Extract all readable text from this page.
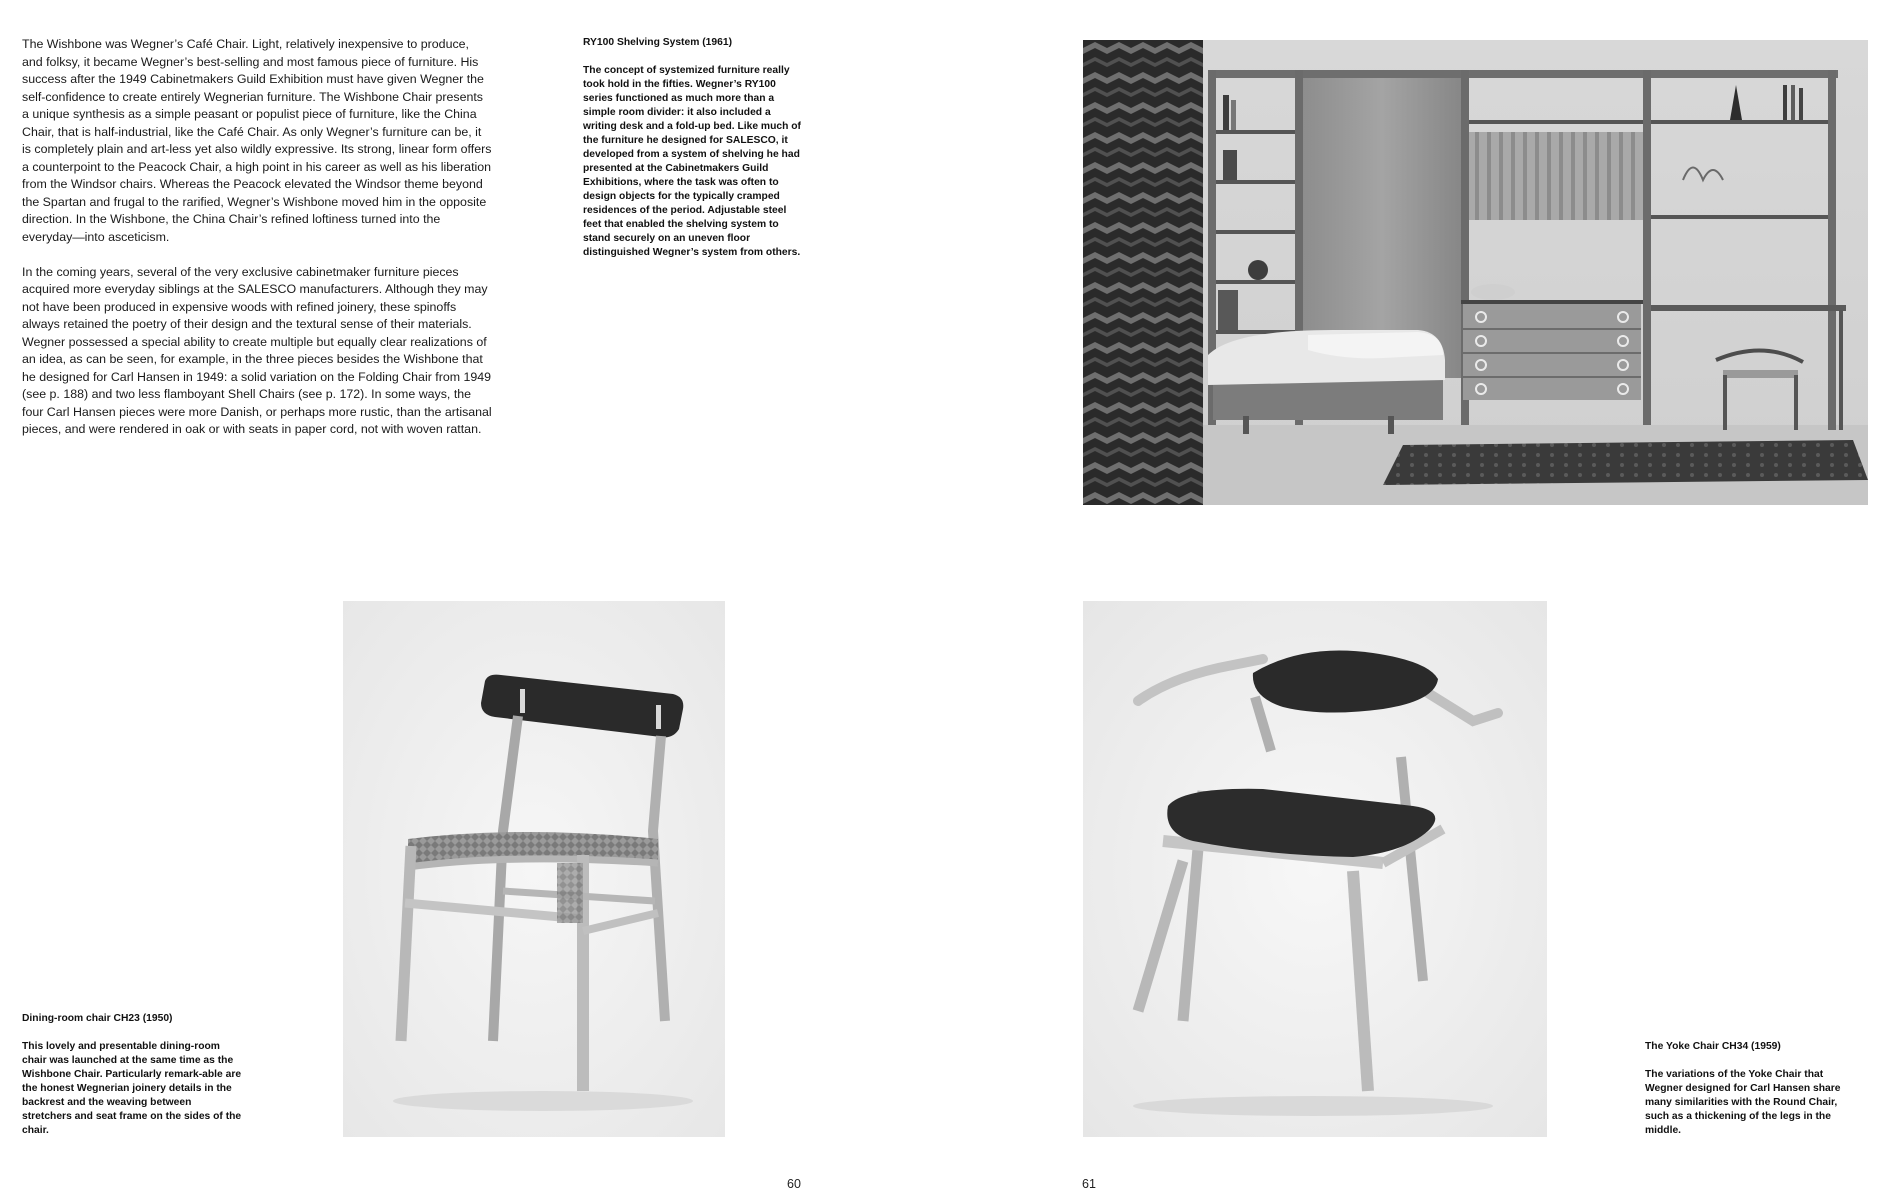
The Wishbone was Wegner’s Café Chair. Light, relatively inexpensive to produce, and folksy, it became Wegner’s best-selling and most famous piece of furniture. His success after the 1949 Cabinetmakers Guild Exhibition must have given Wegner the self-confidence to create entirely Wegnerian furniture. The Wishbone Chair presents a unique synthesis as a simple peasant or populist piece of furniture, like the China Chair, that is half-industrial, like the Café Chair. As only Wegner’s furniture can be, it is completely plain and art-less yet also wildly expressive. Its strong, linear form offers a counterpoint to the Peacock Chair, a high point in his career as well as his liberation from the Windsor chairs. Whereas the Peacock elevated the Windsor theme beyond the Spartan and frugal to the rarified, Wegner’s Wishbone moved him in the opposite direction. In the Wishbone, the China Chair’s refined loftiness turned into the everyday—into asceticism.

In the coming years, several of the very exclusive cabinetmaker furniture pieces acquired more everyday siblings at the SALESCO manufacturers. Although they may not have been produced in expensive woods with refined joinery, these spinoffs always retained the poetry of their design and the textural sense of their materials. Wegner possessed a special ability to create multiple but equally clear realizations of an idea, as can be seen, for example, in the three pieces besides the Wishbone that he designed for Carl Hansen in 1949: a solid variation on the Folding Chair from 1949 (see p. 188) and two less flamboyant Shell Chairs (see p. 172). In some ways, the four Carl Hansen pieces were more Danish, or perhaps more rustic, than the artisanal pieces, and were rendered in oak or with seats in paper cord, not with woven rattan.

RY100 Shelving System (1961)
The concept of systemized furniture really took hold in the fifties. Wegner’s RY100 series functioned as much more than a simple room divider: it also included a writing desk and a fold-up bed. Like much of the furniture he designed for SALESCO, it developed from a system of shelving he had presented at the Cabinetmakers Guild Exhibitions, where the task was often to design objects for the typically cramped residences of the period. Adjustable steel feet that enabled the shelving system to stand securely on an uneven floor distinguished Wegner’s system from others.
Dining-room chair CH23 (1950)
This lovely and presentable dining-room chair was launched at the same time as the Wishbone Chair. Particularly remark-able are the honest Wegnerian joinery details in the backrest and the weaving between stretchers and seat frame on the sides of the chair.
The Yoke Chair CH34 (1959)
The variations of the Yoke Chair that Wegner designed for Carl Hansen share many similarities with the Round Chair, such as a thickening of the legs in the middle.
60	61
